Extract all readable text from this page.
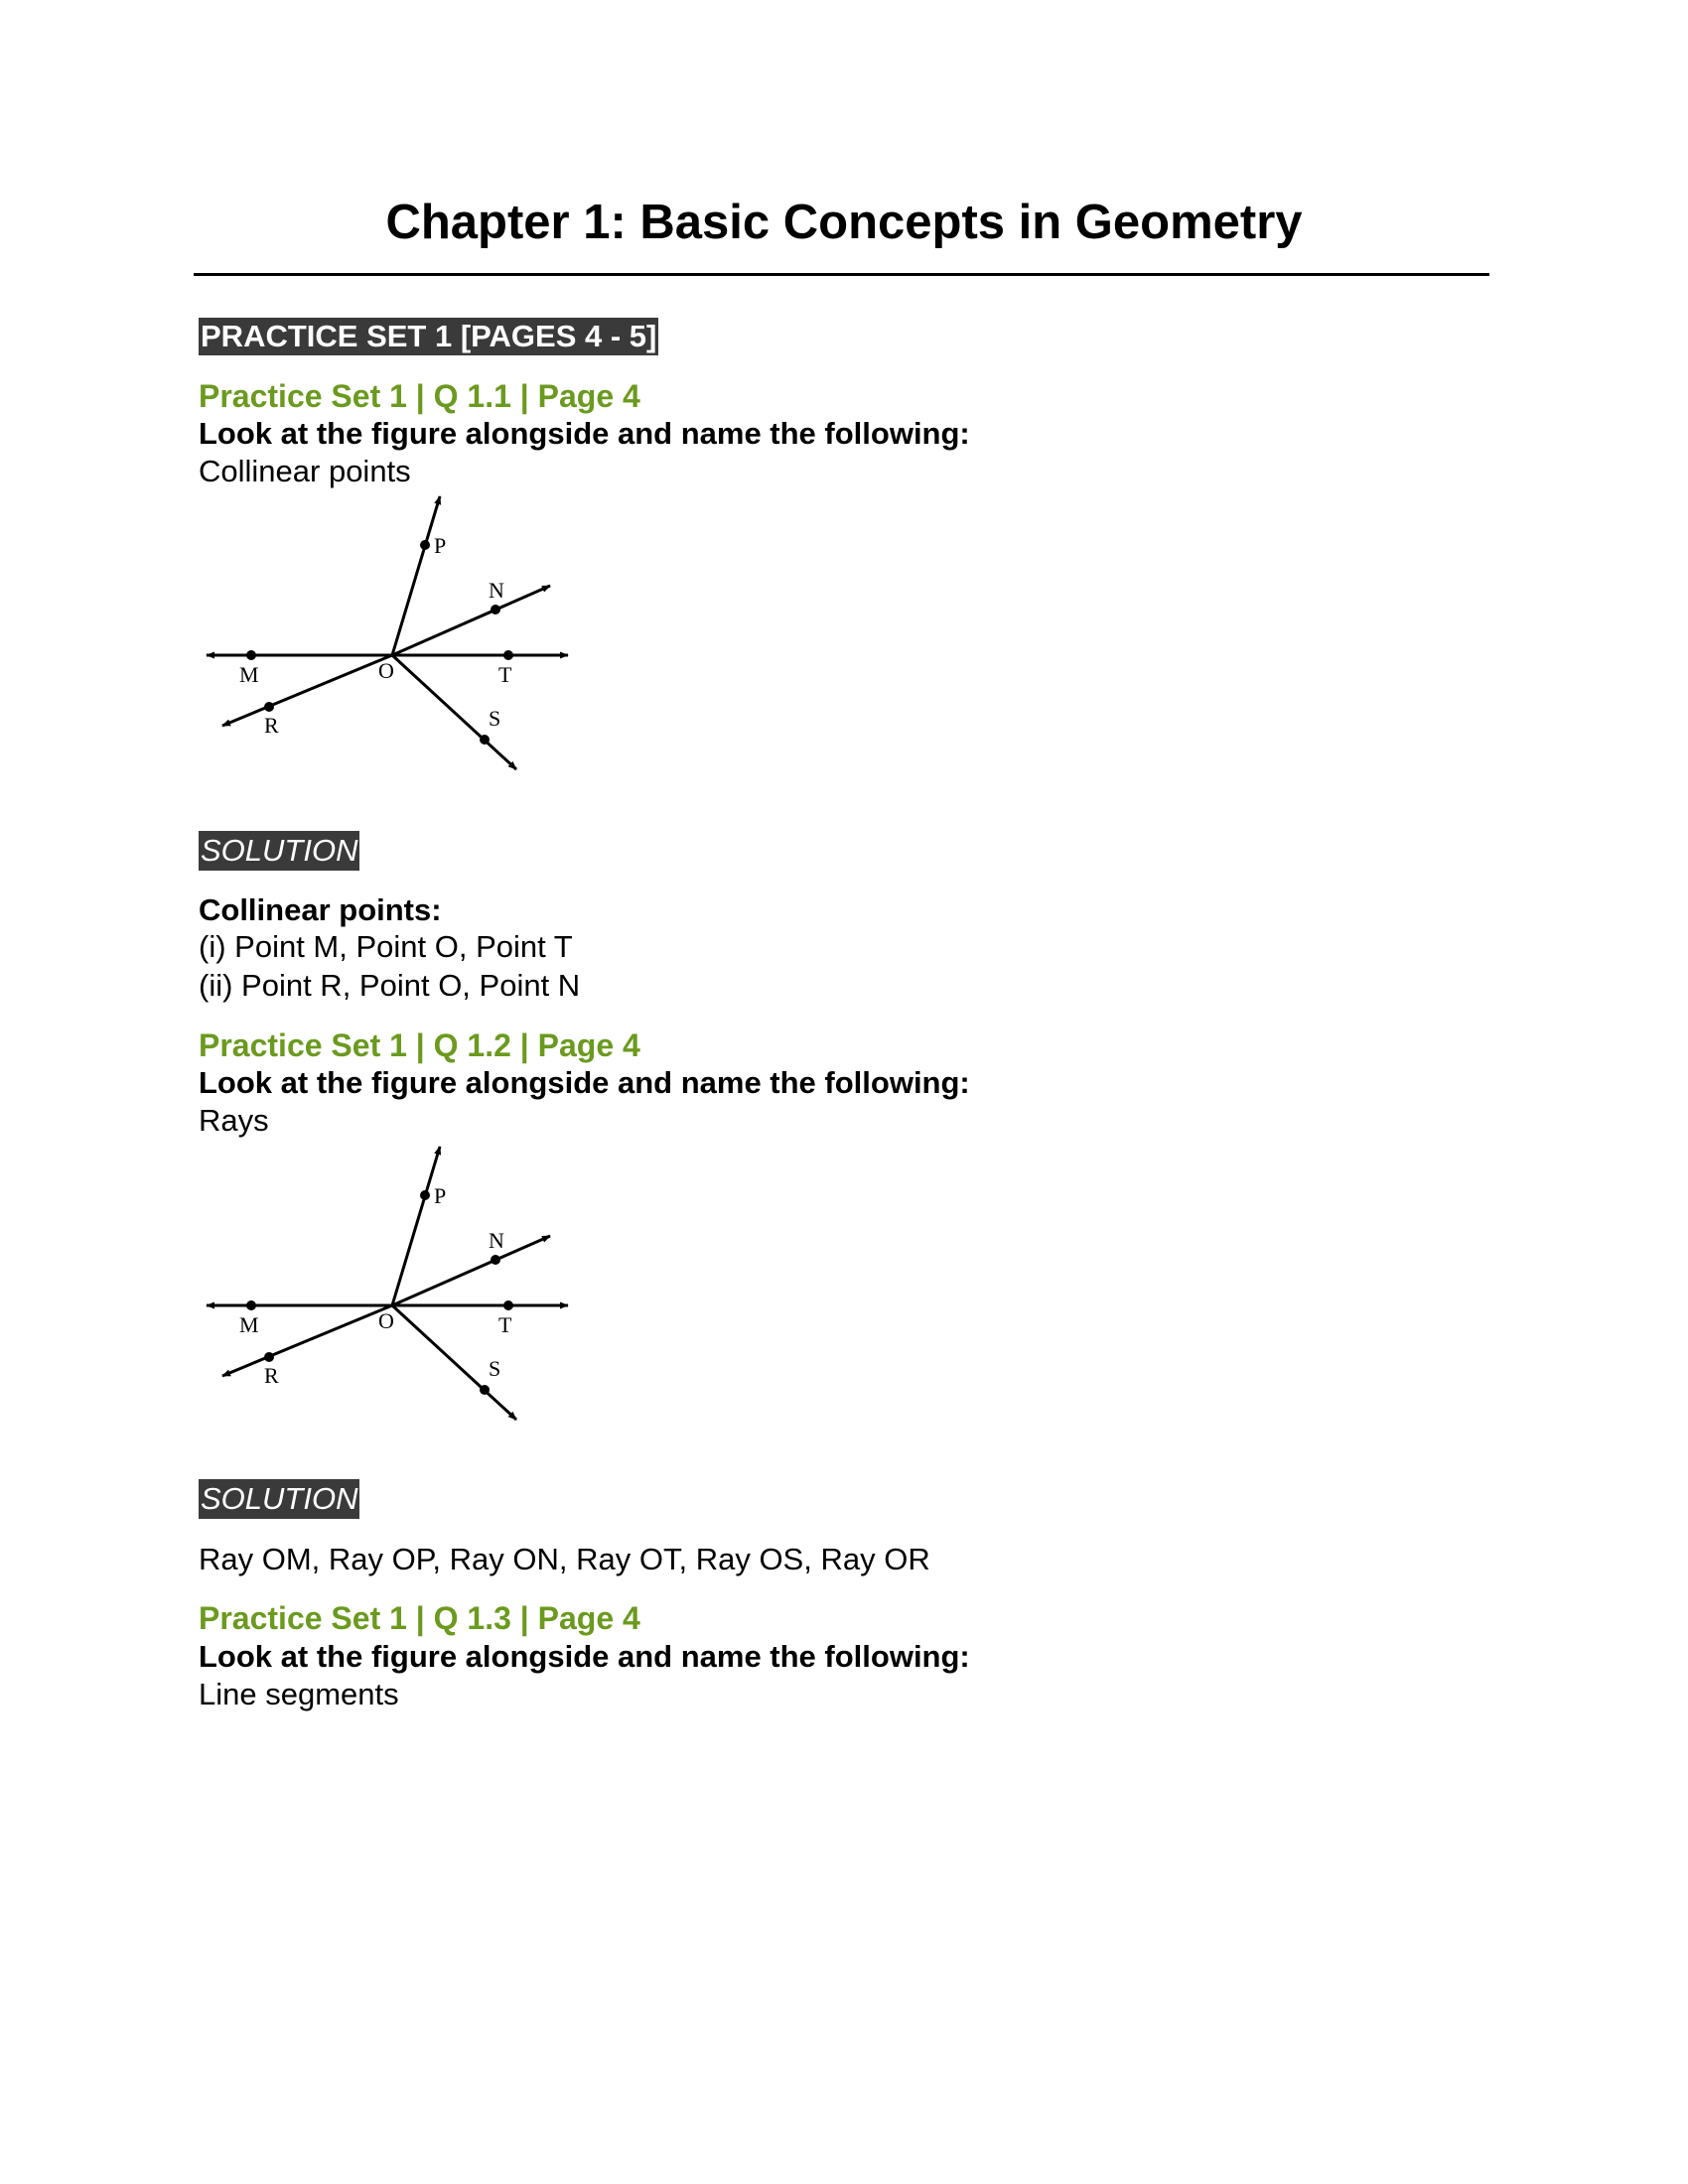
Chapter 1: Basic Concepts in Geometry
PRACTICE SET 1 [PAGES 4 - 5]

Practice Set 1 | Q 1.1 | Page 4

Look at the figure alongside and name the following:

Collinear points

P
N
M	O	T
R	S
SOLUTION

Collinear points:

(i) Point M, Point O, Point T

(ii) Point R, Point O, Point N

Practice Set 1 | Q 1.2 | Page 4

Look at the figure alongside and name the following:

Rays

P
N
M	O	T
R	S
SOLUTION

Ray OM, Ray OP, Ray ON, Ray OT, Ray OS, Ray OR

Practice Set 1 | Q 1.3 | Page 4

Look at the figure alongside and name the following:

Line segments
